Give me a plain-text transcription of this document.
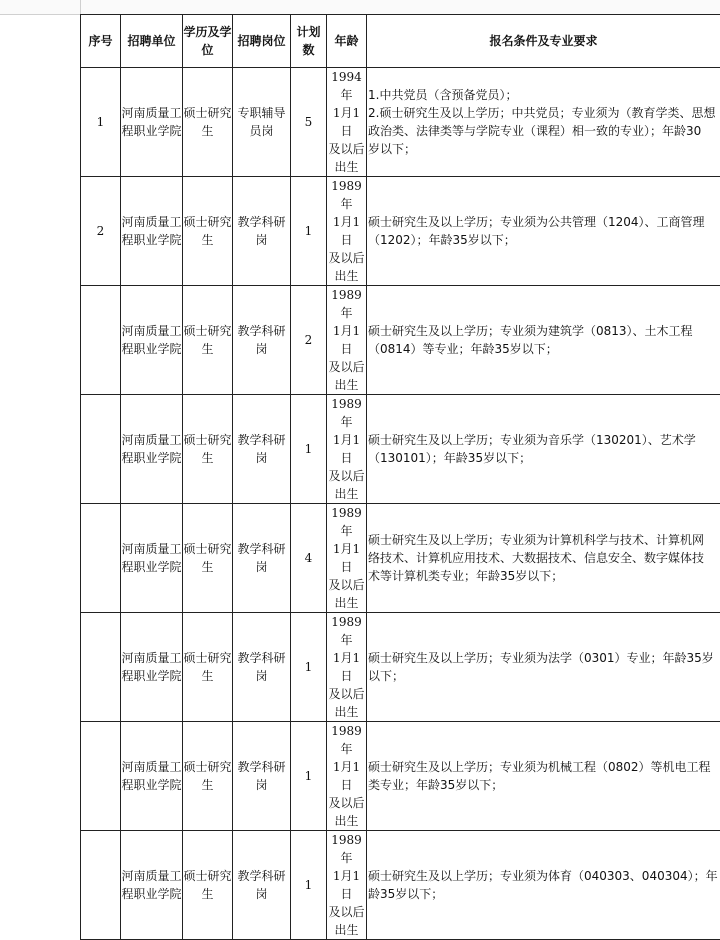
序号	招聘单位	学历及学位	招聘岗位	计划数	年龄	报名条件及专业要求
1	河南质量工程职业学院	硕士研究生	专职辅导员岗	5	1994年
1月1日
及以后
出生	1.中共党员（含预备党员）；
2.硕士研究生及以上学历；中共党员；专业须为（教育学类、思想
政治类、法律类等与学院专业（课程）相一致的专业）；年龄30
岁以下；

2	河南质量工程职业学院	硕士研究生	教学科研岗	1	1989年
1月1日
及以后
出生	硕士研究生及以上学历；专业须为公共管理（1204）、工商管理
（1202）；年龄35岁以下；

	河南质量工程职业学院	硕士研究生	教学科研岗	2	1989年
1月1日
及以后
出生	硕士研究生及以上学历；专业须为建筑学（0813）、土木工程
（0814）等专业；年龄35岁以下；

	河南质量工程职业学院	硕士研究生	教学科研岗	1	1989年
1月1日
及以后
出生	硕士研究生及以上学历；专业须为音乐学（130201）、艺术学
（130101）；年龄35岁以下；

	河南质量工程职业学院	硕士研究生	教学科研岗	4	1989年
1月1日
及以后
出生	硕士研究生及以上学历；专业须为计算机科学与技术、计算机网
络技术、计算机应用技术、大数据技术、信息安全、数字媒体技
术等计算机类专业；年龄35岁以下；

	河南质量工程职业学院	硕士研究生	教学科研岗	1	1989年
1月1日
及以后
出生	硕士研究生及以上学历；专业须为法学（0301）专业；年龄35岁
以下；

	河南质量工程职业学院	硕士研究生	教学科研岗	1	1989年
1月1日
及以后
出生	硕士研究生及以上学历；专业须为机械工程（0802）等机电工程
类专业；年龄35岁以下；

	河南质量工程职业学院	硕士研究生	教学科研岗	1	1989年
1月1日
及以后
出生	硕士研究生及以上学历；专业须为体育（040303、040304）；年
龄35岁以下；
